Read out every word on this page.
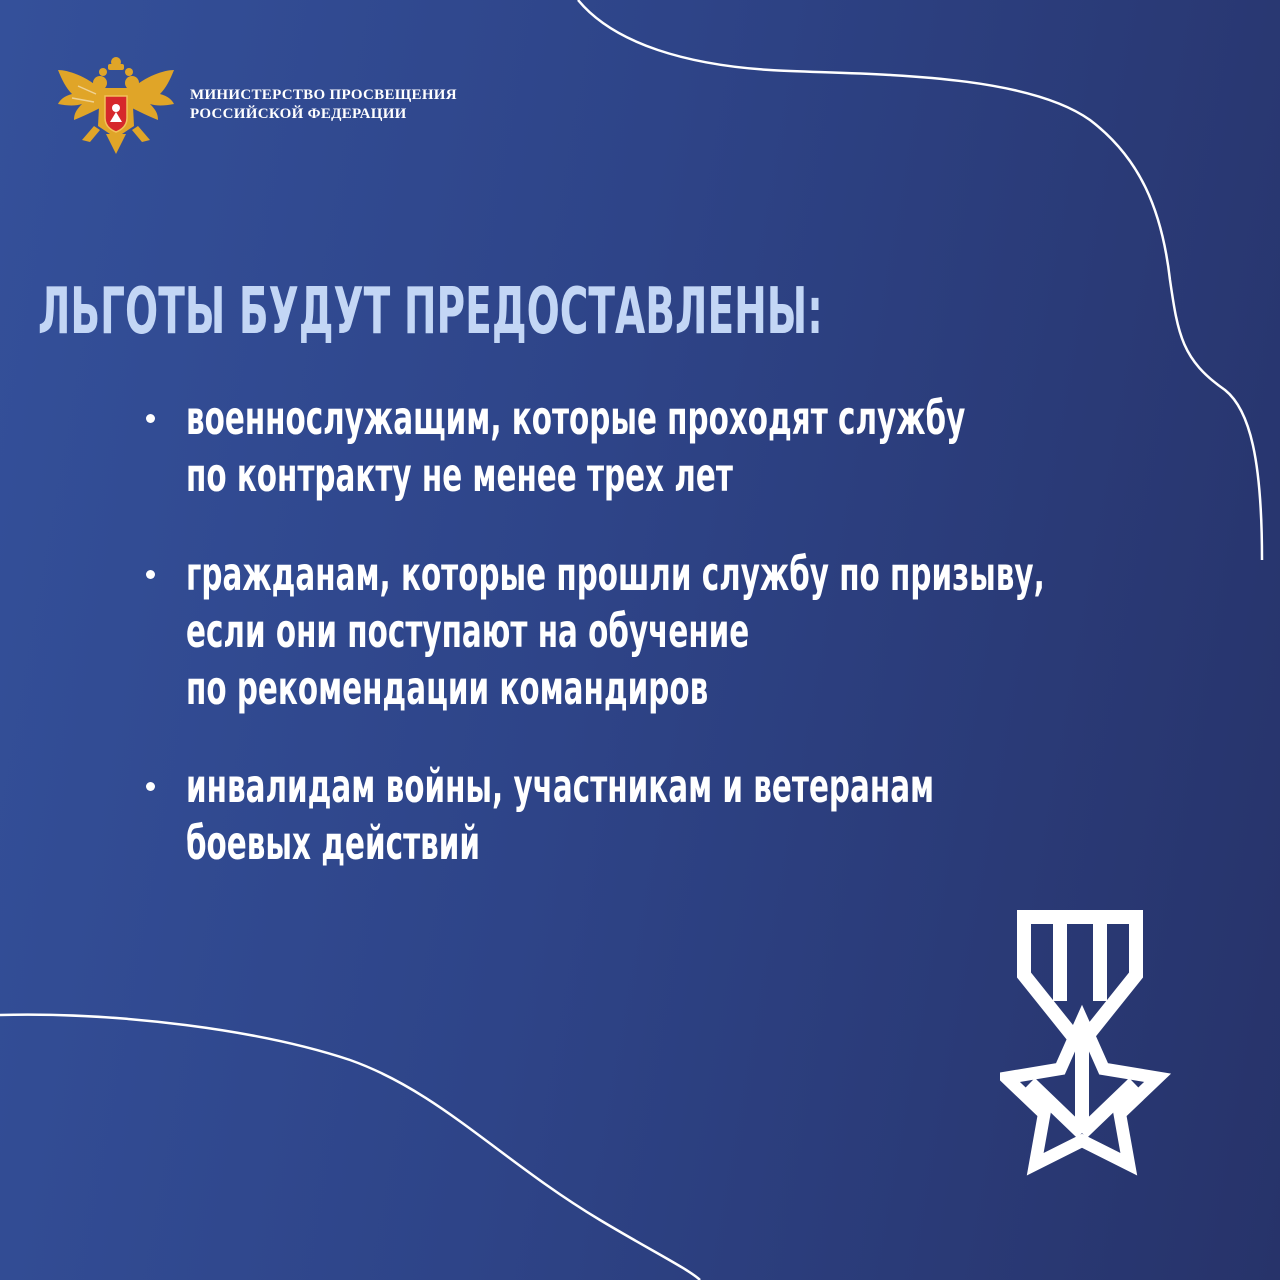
МИНИСТЕРСТВО ПРОСВЕЩЕНИЯ
РОССИЙСКОЙ ФЕДЕРАЦИИ
ЛЬГОТЫ БУДУТ ПРЕДОСТАВЛЕНЫ:
военнослужащим, которые проходят службу
по контракту не менее трех лет
гражданам, которые прошли службу по призыву,
если они поступают на обучение
по рекомендации командиров
инвалидам войны, участникам и ветеранам
боевых действий
